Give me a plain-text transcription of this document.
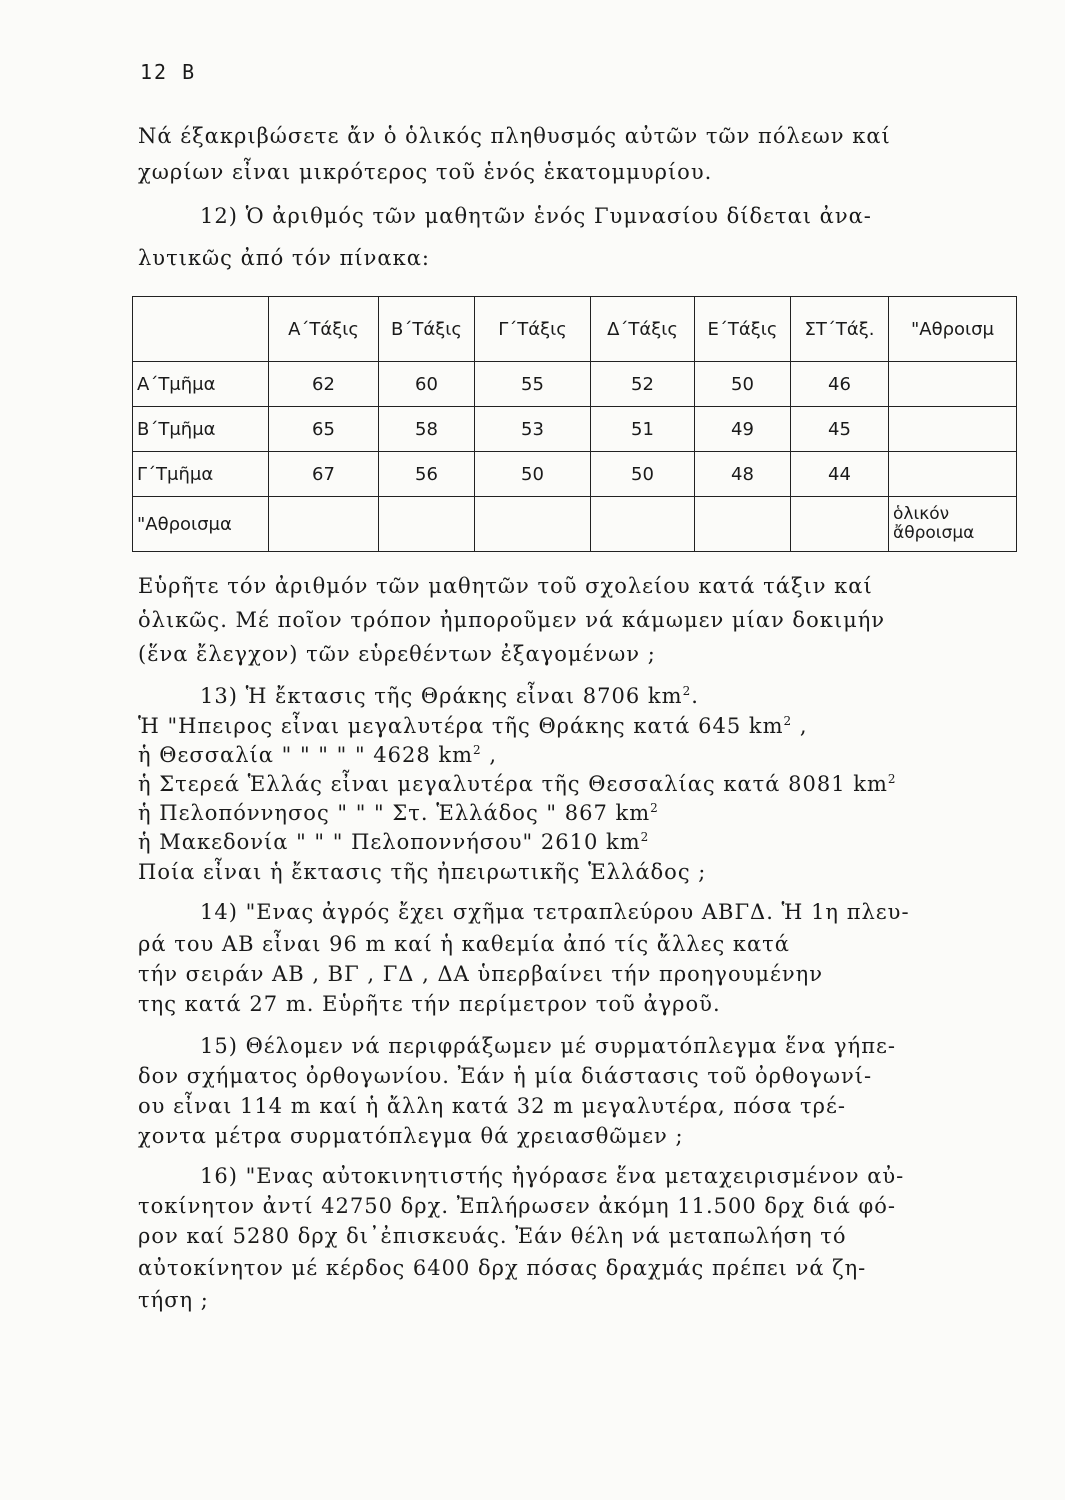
12 B
Νά έξακριβώσετε ἄν ὁ ὁλικός πληθυσμός αὐτῶν τῶν πόλεων καί
χωρίων εἶναι μικρότερος τοῦ ἑνός ἑκατομμυρίου.
12) Ὁ ἀριθμός τῶν μαθητῶν ἑνός Γυμνασίου δίδεται ἀνα-
λυτικῶς ἀπό τόν πίνακα:
	Α΄Τάξις	Β΄Τάξις	Γ΄Τάξις	Δ΄Τάξις	Ε΄Τάξις	ΣΤ΄Τάξ.	"Αθροισμ
Α΄Τμῆμα	62	60	55	52	50	46	
Β΄Τμῆμα	65	58	53	51	49	45	
Γ΄Τμῆμα	67	56	50	50	48	44	
"Αθροισμα							ὁλικόν
ἄθροισμα
Εὑρῆτε τόν ἀριθμόν τῶν μαθητῶν τοῦ σχολείου κατά τάξιν καί
ὁλικῶς. Μέ ποῖον τρόπον ἠμποροῦμεν νά κάμωμεν μίαν δοκιμήν
(ἕνα ἔλεγχον) τῶν εὑρεθέντων ἐξαγομένων ;
13) Ἡ ἔκτασις τῆς Θράκης εἶναι 8706 $km^2$.
Ἡ "Ηπειρος εἶναι μεγαλυτέρα τῆς Θράκης κατά 645 $km^2$ ,
ἡ Θεσσαλία " " " " " 4628 $km^2$ ,
ἡ Στερεά Ἑλλάς εἶναι μεγαλυτέρα τῆς Θεσσαλίας κατά 8081 $km^2$
ἡ Πελοπόννησος " " " Στ. Ἑλλάδος " 867 $km^2$
ἡ Μακεδονία " " " Πελοποννήσου" 2610 $km^2$
Ποία εἶναι ἡ ἔκτασις τῆς ἠπειρωτικῆς Ἑλλάδος ;
14) "Ενας ἀγρός ἔχει σχῆμα τετραπλεύρου ΑΒΓΔ. Ἡ 1η πλευ-
ρά του ΑΒ εἶναι 96 m καί ἡ καθεμία ἀπό τίς ἄλλες κατά
τήν σειράν ΑΒ , ΒΓ , ΓΔ , ΔΑ ὑπερβαίνει τήν προηγουμένην
της κατά 27 m. Εὑρῆτε τήν περίμετρον τοῦ ἀγροῦ.
15) Θέλομεν νά περιφράξωμεν μέ συρματόπλεγμα ἕνα γήπε-
δον σχήματος ὀρθογωνίου. Ἐάν ἡ μία διάστασις τοῦ ὀρθογωνί-
ου εἶναι 114 m καί ἡ ἄλλη κατά 32 m μεγαλυτέρα, πόσα τρέ-
χοντα μέτρα συρματόπλεγμα θά χρειασθῶμεν ;
16) "Ενας αὐτοκινητιστής ἠγόρασε ἕνα μεταχειρισμένον αὐ-
τοκίνητον ἀντί 42750 δρχ. Ἐπλήρωσεν ἀκόμη 11.500 δρχ διά φό-
ρον καί 5280 δρχ δι᾽ἐπισκευάς. Ἐάν θέλη νά μεταπωλήση τό
αὐτοκίνητον μέ κέρδος 6400 δρχ πόσας δραχμάς πρέπει νά ζη-
τήση ;
